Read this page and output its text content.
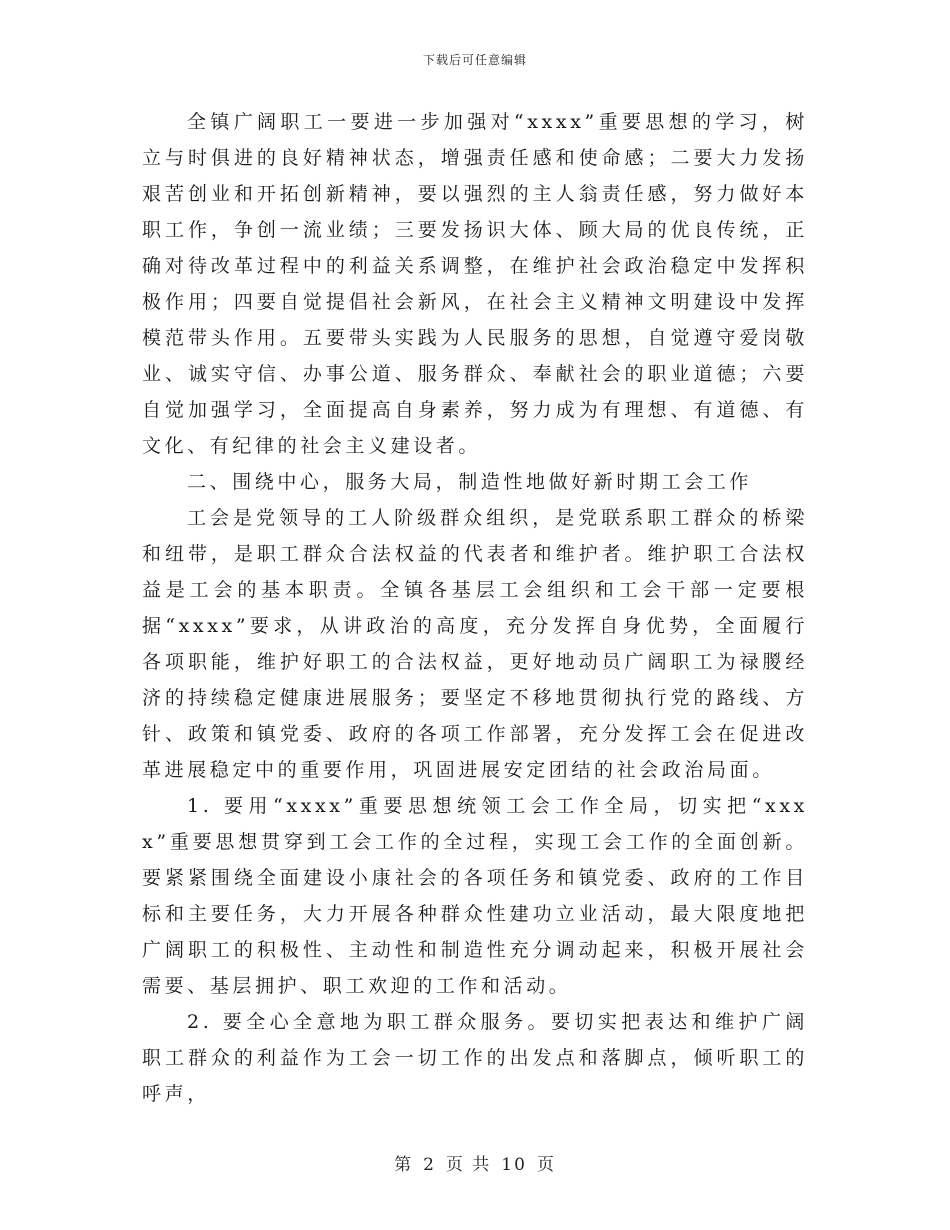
下载后可任意编辑

全镇广阔职工一要进一步加强对“xxxx”重要思想的学习，树立与时俱进的良好精神状态，增强责任感和使命感；二要大力发扬艰苦创业和开拓创新精神，要以强烈的主人翁责任感，努力做好本职工作，争创一流业绩；三要发扬识大体、顾大局的优良传统，正确对待改革过程中的利益关系调整，在维护社会政治稳定中发挥积极作用；四要自觉提倡社会新风，在社会主义精神文明建设中发挥模范带头作用。五要带头实践为人民服务的思想，自觉遵守爱岗敬业、诚实守信、办事公道、服务群众、奉献社会的职业道德；六要自觉加强学习，全面提高自身素养，努力成为有理想、有道德、有文化、有纪律的社会主义建设者。

二、围绕中心，服务大局，制造性地做好新时期工会工作

工会是党领导的工人阶级群众组织，是党联系职工群众的桥梁和纽带，是职工群众合法权益的代表者和维护者。维护职工合法权益是工会的基本职责。全镇各基层工会组织和工会干部一定要根据“xxxx”要求，从讲政治的高度，充分发挥自身优势，全面履行各项职能，维护好职工的合法权益，更好地动员广阔职工为禄朡经济的持续稳定健康进展服务；要坚定不移地贯彻执行党的路线、方针、政策和镇党委、政府的各项工作部署，充分发挥工会在促进改革进展稳定中的重要作用，巩固进展安定团结的社会政治局面。

1. 要用“xxxx”重要思想统领工会工作全局，切实把“xxxx”重要思想贯穿到工会工作的全过程，实现工会工作的全面创新。要紧紧围绕全面建设小康社会的各项任务和镇党委、政府的工作目标和主要任务，大力开展各种群众性建功立业活动，最大限度地把广阔职工的积极性、主动性和制造性充分调动起来，积极开展社会需要、基层拥护、职工欢迎的工作和活动。

2. 要全心全意地为职工群众服务。要切实把表达和维护广阔职工群众的利益作为工会一切工作的出发点和落脚点，倾听职工的呼声，

第 2 页 共 10 页
